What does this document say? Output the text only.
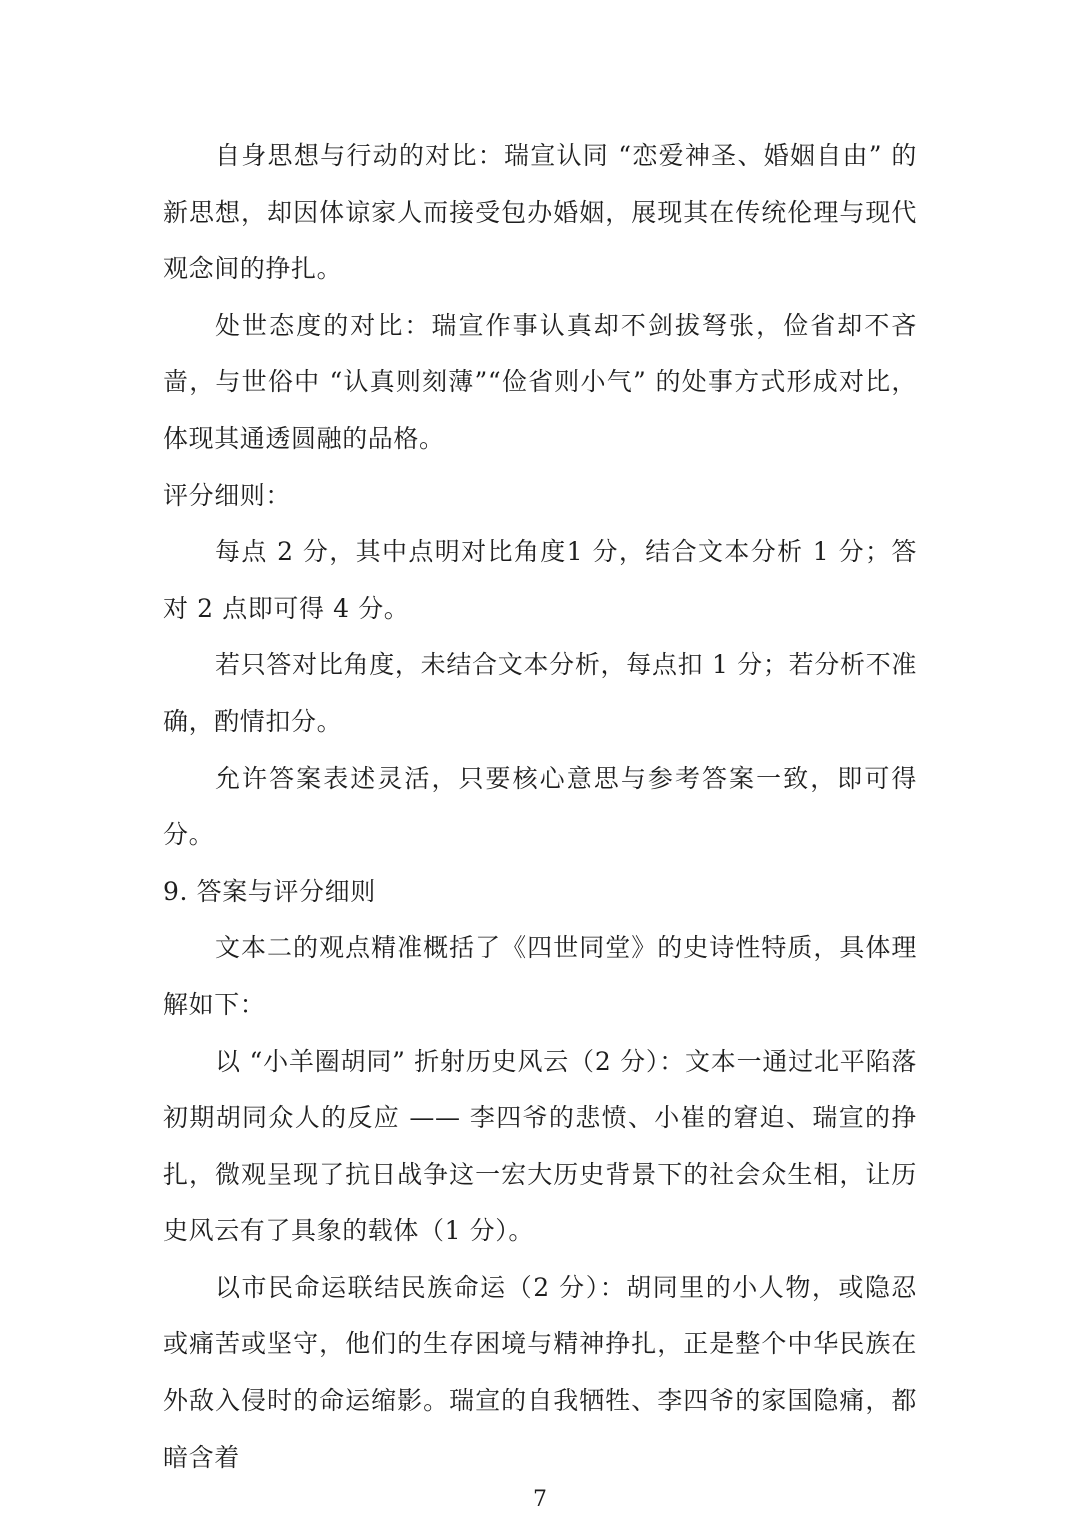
自身思想与行动的对比：瑞宣认同 “恋爱神圣、婚姻自由” 的新思想，却因体谅家人而接受包办婚姻，展现其在传统伦理与现代观念间的挣扎。

处世态度的对比：瑞宣作事认真却不剑拔弩张，俭省却不吝啬，与世俗中 “认真则刻薄”“俭省则小气” 的处事方式形成对比，体现其通透圆融的品格。

评分细则：

每点 2 分，其中点明对比角度1 分，结合文本分析 1 分；答对 2 点即可得 4 分。

若只答对比角度，未结合文本分析，每点扣 1 分；若分析不准确，酌情扣分。

允许答案表述灵活，只要核心意思与参考答案一致，即可得分。

9. 答案与评分细则

文本二的观点精准概括了《四世同堂》的史诗性特质，具体理解如下：

以 “小羊圈胡同” 折射历史风云（2 分）：文本一通过北平陷落初期胡同众人的反应 —— 李四爷的悲愤、小崔的窘迫、瑞宣的挣扎，微观呈现了抗日战争这一宏大历史背景下的社会众生相，让历史风云有了具象的载体（1 分）。

以市民命运联结民族命运（2 分）：胡同里的小人物，或隐忍或痛苦或坚守，他们的生存困境与精神挣扎，正是整个中华民族在外敌入侵时的命运缩影。瑞宣的自我牺牲、李四爷的家国隐痛，都暗含着

7
